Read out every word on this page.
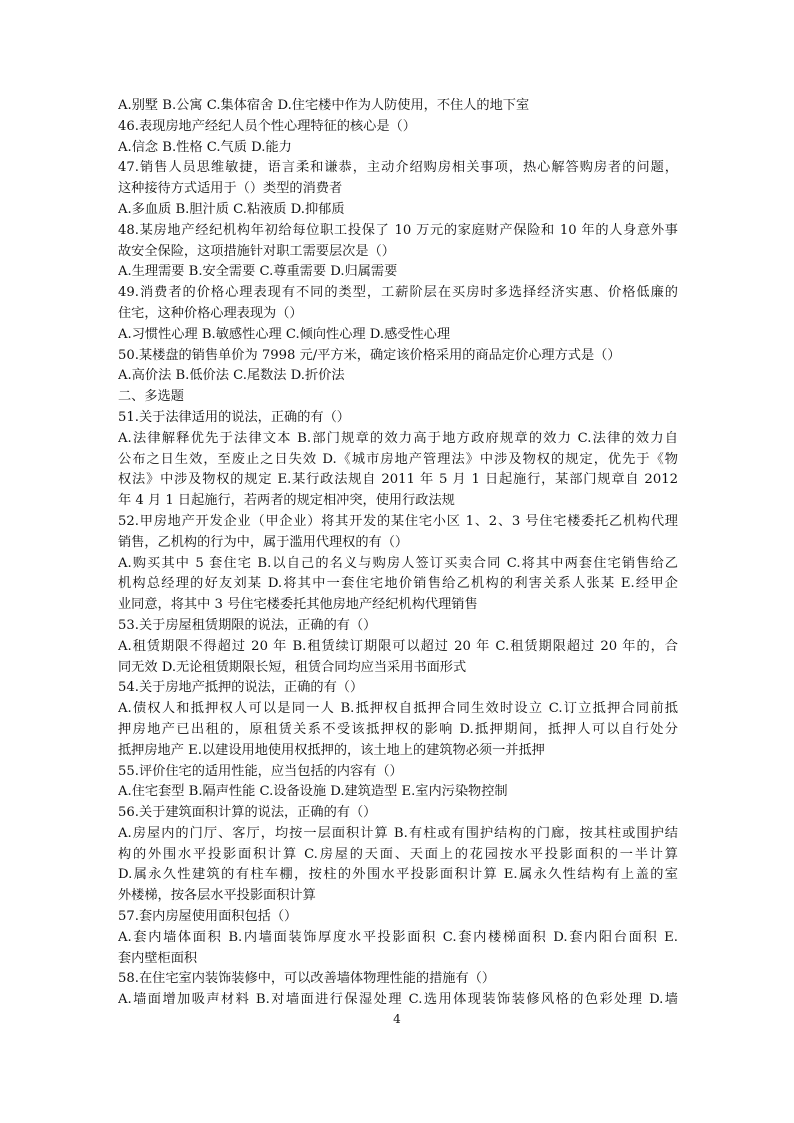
A.别墅 B.公寓 C.集体宿舍 D.住宅楼中作为人防使用，不住人的地下室
46.表现房地产经纪人员个性心理特征的核心是（）
A.信念 B.性格 C.气质 D.能力
47.销售人员思维敏捷，语言柔和谦恭，主动介绍购房相关事项，热心解答购房者的问题，
这种接待方式适用于（）类型的消费者
A.多血质 B.胆汁质 C.粘液质 D.抑郁质
48.某房地产经纪机构年初给每位职工投保了 10 万元的家庭财产保险和 10 年的人身意外事
故安全保险，这项措施针对职工需要层次是（）
A.生理需要 B.安全需要 C.尊重需要 D.归属需要
49.消费者的价格心理表现有不同的类型，工薪阶层在买房时多选择经济实惠、价格低廉的
住宅，这种价格心理表现为（）
A.习惯性心理 B.敏感性心理 C.倾向性心理 D.感受性心理
50.某楼盘的销售单价为 7998 元/平方米，确定该价格采用的商品定价心理方式是（）
A.高价法 B.低价法 C.尾数法 D.折价法
二、多选题
51.关于法律适用的说法，正确的有（）
A.法律解释优先于法律文本 B.部门规章的效力高于地方政府规章的效力 C.法律的效力自
公布之日生效，至废止之日失效 D.《城市房地产管理法》中涉及物权的规定，优先于《物
权法》中涉及物权的规定 E.某行政法规自 2011 年 5 月 1 日起施行，某部门规章自 2012
年 4 月 1 日起施行，若两者的规定相冲突，使用行政法规
52.甲房地产开发企业（甲企业）将其开发的某住宅小区 1、2、3 号住宅楼委托乙机构代理
销售，乙机构的行为中，属于滥用代理权的有（）
A.购买其中 5 套住宅 B.以自己的名义与购房人签订买卖合同 C.将其中两套住宅销售给乙
机构总经理的好友刘某 D.将其中一套住宅地价销售给乙机构的利害关系人张某 E.经甲企
业同意，将其中 3 号住宅楼委托其他房地产经纪机构代理销售
53.关于房屋租赁期限的说法，正确的有（）
A.租赁期限不得超过 20 年 B.租赁续订期限可以超过 20 年 C.租赁期限超过 20 年的，合
同无效 D.无论租赁期限长短，租赁合同均应当采用书面形式
54.关于房地产抵押的说法，正确的有（）
A.债权人和抵押权人可以是同一人 B.抵押权自抵押合同生效时设立 C.订立抵押合同前抵
押房地产已出租的，原租赁关系不受该抵押权的影响 D.抵押期间，抵押人可以自行处分
抵押房地产 E.以建设用地使用权抵押的，该土地上的建筑物必须一并抵押
55.评价住宅的适用性能，应当包括的内容有（）
A.住宅套型 B.隔声性能 C.设备设施 D.建筑造型 E.室内污染物控制
56.关于建筑面积计算的说法，正确的有（）
A.房屋内的门厅、客厅，均按一层面积计算 B.有柱或有围护结构的门廊，按其柱或围护结
构的外围水平投影面积计算 C.房屋的天面、天面上的花园按水平投影面积的一半计算
D.属永久性建筑的有柱车棚，按柱的外围水平投影面积计算 E.属永久性结构有上盖的室
外楼梯，按各层水平投影面积计算
57.套内房屋使用面积包括（）
A.套内墙体面积 B.内墙面装饰厚度水平投影面积 C.套内楼梯面积 D.套内阳台面积 E.
套内壁柜面积
58.在住宅室内装饰装修中，可以改善墙体物理性能的措施有（）
A.墙面增加吸声材料 B.对墙面进行保湿处理 C.选用体现装饰装修风格的色彩处理 D.墙
4
